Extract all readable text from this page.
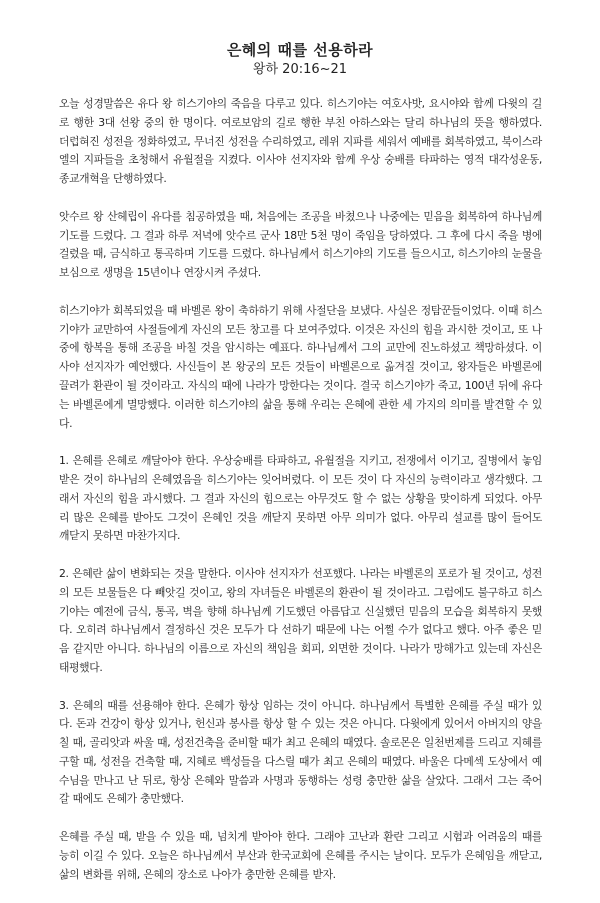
은혜의 때를 선용하라
왕하 20:16~21

오늘 성경말씀은 유다 왕 히스기야의 죽음을 다루고 있다. 히스기야는 여호사밧, 요시야와 함께 다윗의 길로 행한 3대 선왕 중의 한 명이다. 여로보암의 길로 행한 부친 아하스와는 달리 하나님의 뜻을 행하였다. 더럽혀진 성전을 정화하였고, 무너진 성전을 수리하였고, 레위 지파를 세워서 예배를 회복하였고, 북이스라엘의 지파들을 초청해서 유월절을 지켰다. 이사야 선지자와 함께 우상 숭배를 타파하는 영적 대각성운동, 종교개혁을 단행하였다.

앗수르 왕 산헤립이 유다를 침공하였을 때, 처음에는 조공을 바쳤으나 나중에는 믿음을 회복하여 하나님께 기도를 드렸다. 그 결과 하루 저녁에 앗수르 군사 18만 5천 명이 죽임을 당하였다. 그 후에 다시 죽을 병에 걸렸을 때, 금식하고 통곡하며 기도를 드렸다. 하나님께서 히스기야의 기도를 들으시고, 히스기야의 눈물을 보심으로 생명을 15년이나 연장시켜 주셨다.

히스기야가 회복되었을 때 바벨론 왕이 축하하기 위해 사절단을 보냈다. 사실은 정탐꾼들이었다. 이때 히스기야가 교만하여 사절들에게 자신의 모든 창고를 다 보여주었다. 이것은 자신의 힘을 과시한 것이고, 또 나중에 항복을 통해 조공을 바칠 것을 암시하는 예표다. 하나님께서 그의 교만에 진노하셨고 책망하셨다. 이사야 선지자가 예언했다. 사신들이 본 왕궁의 모든 것들이 바벨론으로 옮겨질 것이고, 왕자들은 바벨론에 끌려가 환관이 될 것이라고. 자식의 때에 나라가 망한다는 것이다. 결국 히스기야가 죽고, 100년 뒤에 유다는 바벨론에게 멸망했다. 이러한 히스기야의 삶을 통해 우리는 은혜에 관한 세 가지의 의미를 발견할 수 있다.

1. 은혜를 은혜로 깨달아야 한다. 우상숭배를 타파하고, 유월절을 지키고, 전쟁에서 이기고, 질병에서 놓임 받은 것이 하나님의 은혜였음을 히스기야는 잊어버렸다. 이 모든 것이 다 자신의 능력이라고 생각했다. 그래서 자신의 힘을 과시했다. 그 결과 자신의 힘으로는 아무것도 할 수 없는 상황을 맞이하게 되었다. 아무리 많은 은혜를 받아도 그것이 은혜인 것을 깨닫지 못하면 아무 의미가 없다. 아무리 설교를 많이 들어도 깨닫지 못하면 마찬가지다.

2. 은혜란 삶이 변화되는 것을 말한다. 이사야 선지자가 선포했다. 나라는 바벨론의 포로가 될 것이고, 성전의 모든 보물들은 다 빼앗길 것이고, 왕의 자녀들은 바벨론의 환관이 될 것이라고. 그럼에도 불구하고 히스기야는 예전에 금식, 통곡, 벽을 향해 하나님께 기도했던 아름답고 신실했던 믿음의 모습을 회복하지 못했다. 오히려 하나님께서 결정하신 것은 모두가 다 선하기 때문에 나는 어쩔 수가 없다고 했다. 아주 좋은 믿음 같지만 아니다. 하나님의 이름으로 자신의 책임을 회피, 외면한 것이다. 나라가 망해가고 있는데 자신은 태평했다.

3. 은혜의 때를 선용해야 한다. 은혜가 항상 임하는 것이 아니다. 하나님께서 특별한 은혜를 주실 때가 있다. 돈과 건강이 항상 있거나, 헌신과 봉사를 항상 할 수 있는 것은 아니다. 다윗에게 있어서 아버지의 양을 칠 때, 골리앗과 싸울 때, 성전건축을 준비할 때가 최고 은혜의 때였다. 솔로몬은 일천번제를 드리고 지혜를 구할 때, 성전을 건축할 때, 지혜로 백성들을 다스릴 때가 최고 은혜의 때였다. 바울은 다메섹 도상에서 예수님을 만나고 난 뒤로, 항상 은혜와 말씀과 사명과 동행하는 성령 충만한 삶을 살았다. 그래서 그는 죽어갈 때에도 은혜가 충만했다.

은혜를 주실 때, 받을 수 있을 때, 넘치게 받아야 한다. 그래야 고난과 환란 그리고 시험과 어려움의 때를 능히 이길 수 있다. 오늘은 하나님께서 부산과 한국교회에 은혜를 주시는 날이다. 모두가 은혜임을 깨닫고, 삶의 변화를 위해, 은혜의 장소로 나아가 충만한 은혜를 받자.
